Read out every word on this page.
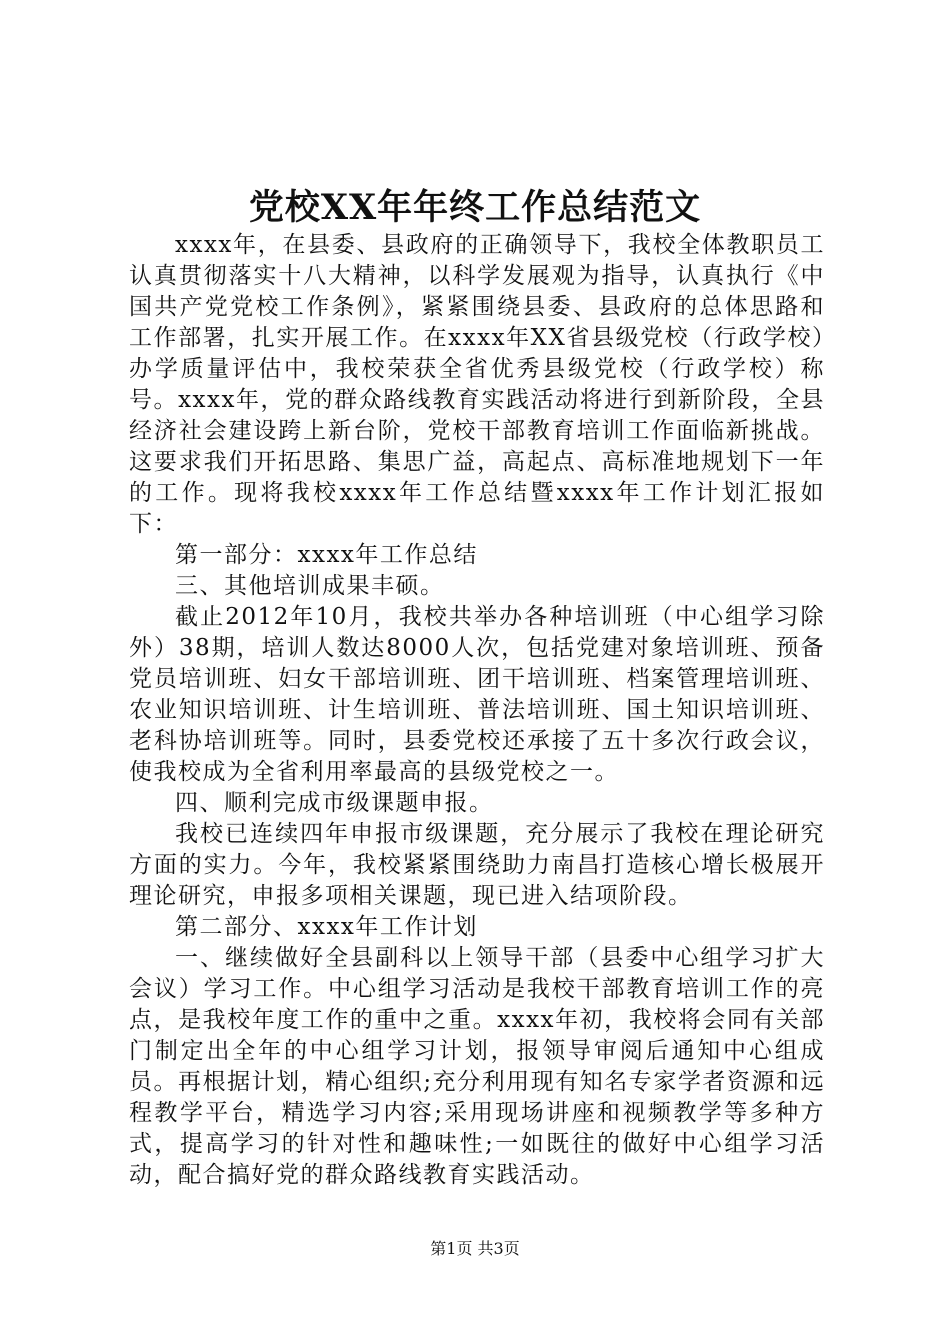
党校XX年年终工作总结范文

xxxx年，在县委、县政府的正确领导下，我校全体教职员工认真贯彻落实十八大精神，以科学发展观为指导，认真执行《中国共产党党校工作条例》，紧紧围绕县委、县政府的总体思路和工作部署，扎实开展工作。在xxxx年XX省县级党校（行政学校）办学质量评估中，我校荣获全省优秀县级党校（行政学校）称号。xxxx年，党的群众路线教育实践活动将进行到新阶段，全县经济社会建设跨上新台阶，党校干部教育培训工作面临新挑战。这要求我们开拓思路、集思广益，高起点、高标准地规划下一年的工作。现将我校xxxx年工作总结暨xxxx年工作计划汇报如下：

第一部分：xxxx年工作总结

三、其他培训成果丰硕。

截止2012年10月，我校共举办各种培训班（中心组学习除外）38期，培训人数达8000人次，包括党建对象培训班、预备党员培训班、妇女干部培训班、团干培训班、档案管理培训班、农业知识培训班、计生培训班、普法培训班、国土知识培训班、老科协培训班等。同时，县委党校还承接了五十多次行政会议，使我校成为全省利用率最高的县级党校之一。

四、顺利完成市级课题申报。

我校已连续四年申报市级课题，充分展示了我校在理论研究方面的实力。今年，我校紧紧围绕助力南昌打造核心增长极展开理论研究，申报多项相关课题，现已进入结项阶段。

第二部分、xxxx年工作计划

一、继续做好全县副科以上领导干部（县委中心组学习扩大会议）学习工作。中心组学习活动是我校干部教育培训工作的亮点，是我校年度工作的重中之重。xxxx年初，我校将会同有关部门制定出全年的中心组学习计划，报领导审阅后通知中心组成员。再根据计划，精心组织;充分利用现有知名专家学者资源和远程教学平台，精选学习内容;采用现场讲座和视频教学等多种方式，提高学习的针对性和趣味性;一如既往的做好中心组学习活动，配合搞好党的群众路线教育实践活动。

第1页 共3页
